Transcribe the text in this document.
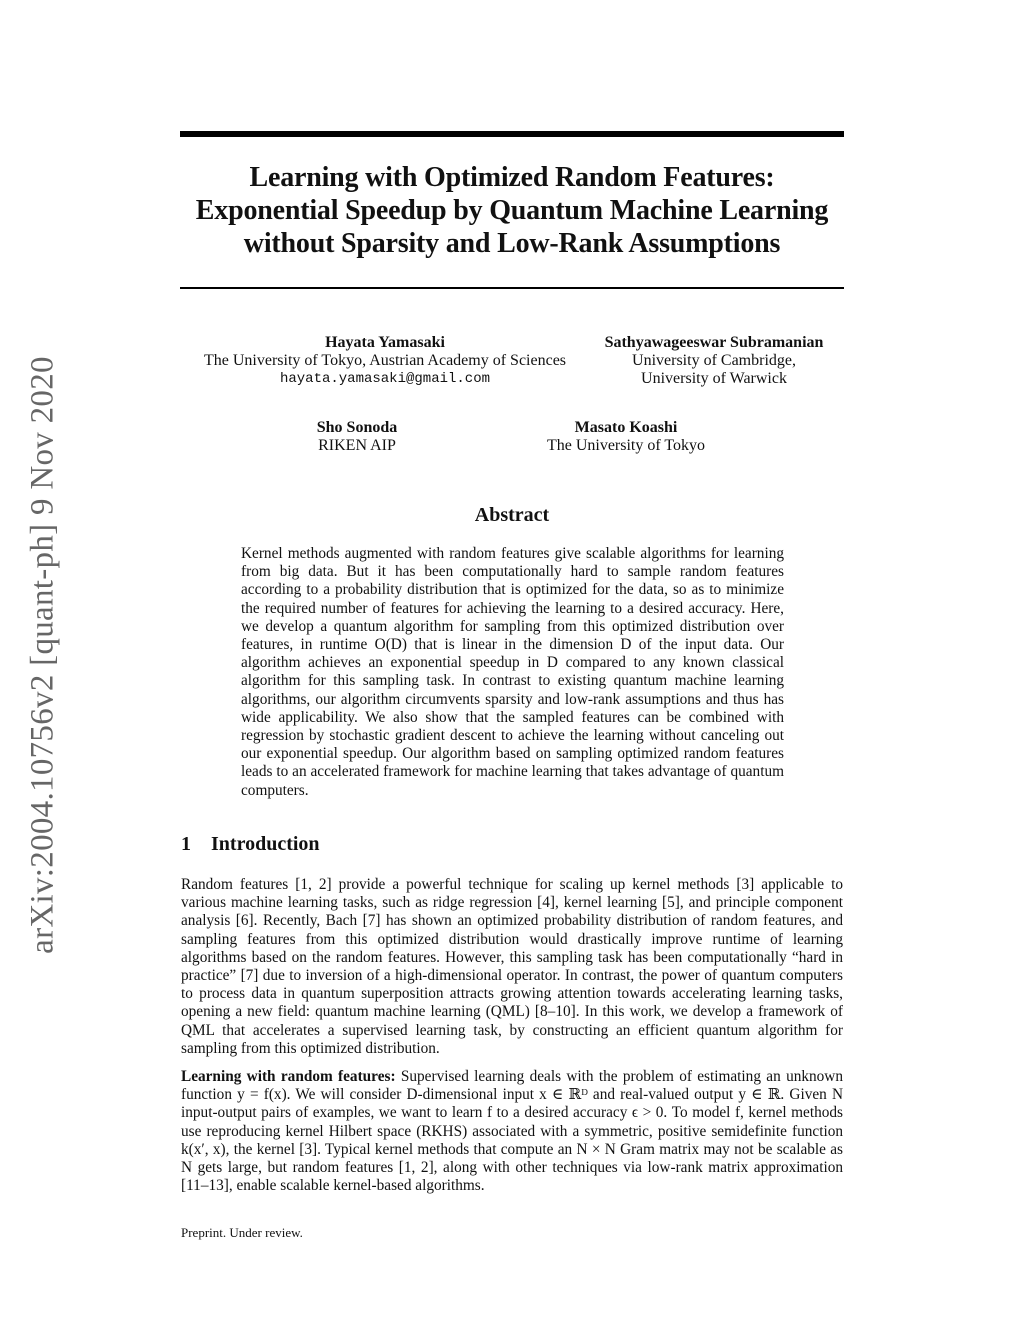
arXiv:2004.10756v2 [quant-ph] 9 Nov 2020
Learning with Optimized Random Features:
Exponential Speedup by Quantum Machine Learning
without Sparsity and Low-Rank Assumptions
Hayata Yamasaki
The University of Tokyo, Austrian Academy of Sciences
hayata.yamasaki@gmail.com
Sathyawageeswar Subramanian
University of Cambridge,
University of Warwick
Sho Sonoda
RIKEN AIP
Masato Koashi
The University of Tokyo
Abstract
Kernel methods augmented with random features give scalable algorithms for learning from big data. But it has been computationally hard to sample random features according to a probability distribution that is optimized for the data, so as to minimize the required number of features for achieving the learning to a desired accuracy. Here, we develop a quantum algorithm for sampling from this optimized distribution over features, in runtime O(D) that is linear in the dimension D of the input data. Our algorithm achieves an exponential speedup in D compared to any known classical algorithm for this sampling task. In contrast to existing quantum machine learning algorithms, our algorithm circumvents sparsity and low-rank assumptions and thus has wide applicability. We also show that the sampled features can be combined with regression by stochastic gradient descent to achieve the learning without canceling out our exponential speedup. Our algorithm based on sampling optimized random features leads to an accelerated framework for machine learning that takes advantage of quantum computers.
1 Introduction
Random features [1, 2] provide a powerful technique for scaling up kernel methods [3] applicable to various machine learning tasks, such as ridge regression [4], kernel learning [5], and principle component analysis [6]. Recently, Bach [7] has shown an optimized probability distribution of random features, and sampling features from this optimized distribution would drastically improve runtime of learning algorithms based on the random features. However, this sampling task has been computationally “hard in practice” [7] due to inversion of a high-dimensional operator. In contrast, the power of quantum computers to process data in quantum superposition attracts growing attention towards accelerating learning tasks, opening a new field: quantum machine learning (QML) [8–10]. In this work, we develop a framework of QML that accelerates a supervised learning task, by constructing an efficient quantum algorithm for sampling from this optimized distribution.
Learning with random features: Supervised learning deals with the problem of estimating an unknown function y = f(x). We will consider D-dimensional input x ∈ ℝᴰ and real-valued output y ∈ ℝ. Given N input-output pairs of examples, we want to learn f to a desired accuracy ϵ > 0. To model f, kernel methods use reproducing kernel Hilbert space (RKHS) associated with a symmetric, positive semidefinite function k(x′, x), the kernel [3]. Typical kernel methods that compute an N × N Gram matrix may not be scalable as N gets large, but random features [1, 2], along with other techniques via low-rank matrix approximation [11–13], enable scalable kernel-based algorithms.
Preprint. Under review.
